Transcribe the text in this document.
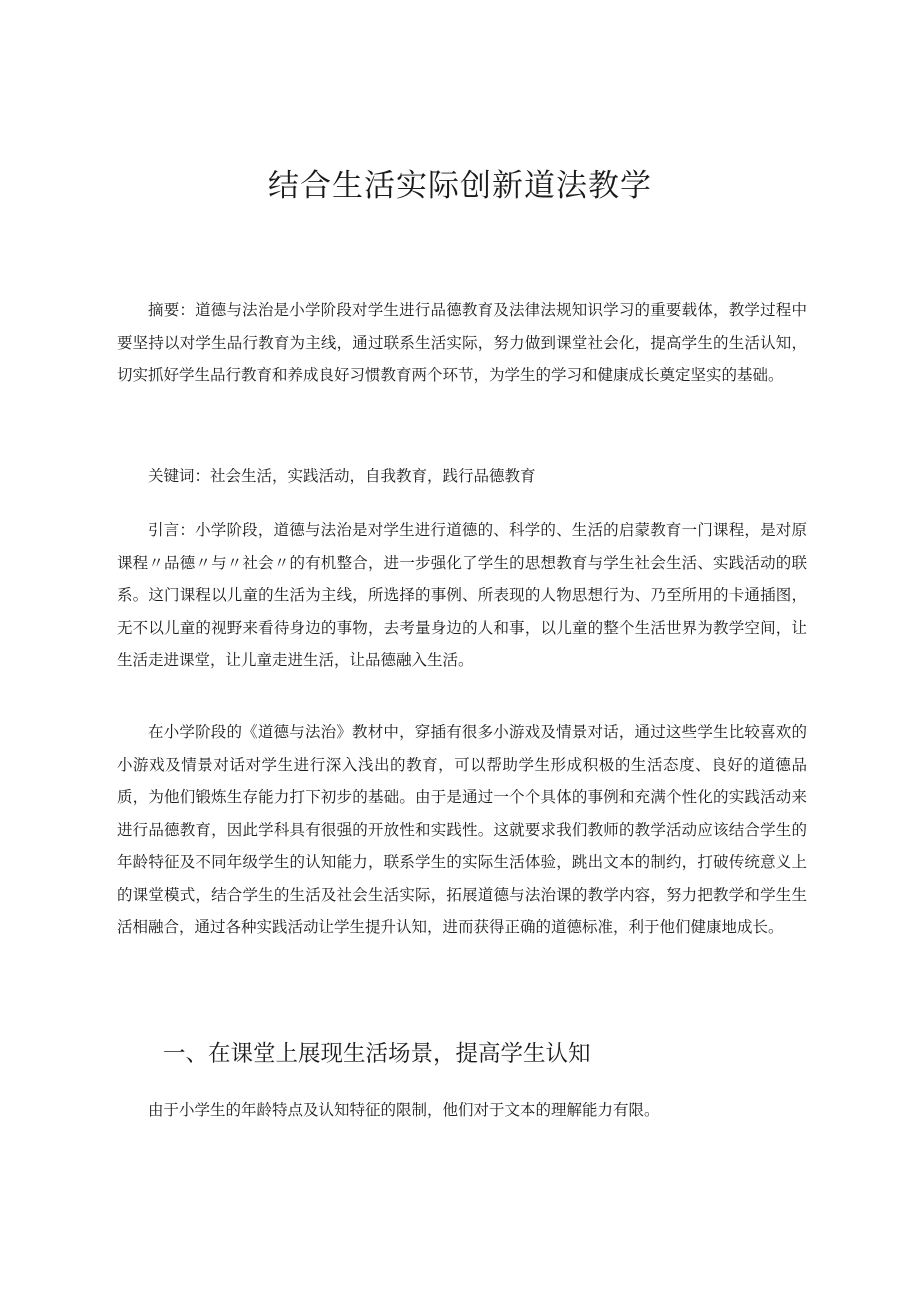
结合生活实际创新道法教学

摘要：道德与法治是小学阶段对学生进行品德教育及法律法规知识学习的重要载体，教学过程中要坚持以对学生品行教育为主线，通过联系生活实际，努力做到课堂社会化，提高学生的生活认知，切实抓好学生品行教育和养成良好习惯教育两个环节，为学生的学习和健康成长奠定坚实的基础。

关键词：社会生活，实践活动，自我教育，践行品德教育

引言：小学阶段，道德与法治是对学生进行道德的、科学的、生活的启蒙教育一门课程，是对原课程〃品德〃与〃社会〃的有机整合，进一步强化了学生的思想教育与学生社会生活、实践活动的联系。这门课程以儿童的生活为主线，所选择的事例、所表现的人物思想行为、乃至所用的卡通插图，无不以儿童的视野来看待身边的事物，去考量身边的人和事，以儿童的整个生活世界为教学空间，让生活走进课堂，让儿童走进生活，让品德融入生活。

在小学阶段的《道德与法治》教材中，穿插有很多小游戏及情景对话，通过这些学生比较喜欢的小游戏及情景对话对学生进行深入浅出的教育，可以帮助学生形成积极的生活态度、良好的道德品质，为他们锻炼生存能力打下初步的基础。由于是通过一个个具体的事例和充满个性化的实践活动来进行品德教育，因此学科具有很强的开放性和实践性。这就要求我们教师的教学活动应该结合学生的年龄特征及不同年级学生的认知能力，联系学生的实际生活体验，跳出文本的制约，打破传统意义上的课堂模式，结合学生的生活及社会生活实际，拓展道德与法治课的教学内容，努力把教学和学生生活相融合，通过各种实践活动让学生提升认知，进而获得正确的道德标准，利于他们健康地成长。

一、在课堂上展现生活场景，提高学生认知

由于小学生的年龄特点及认知特征的限制，他们对于文本的理解能力有限。
